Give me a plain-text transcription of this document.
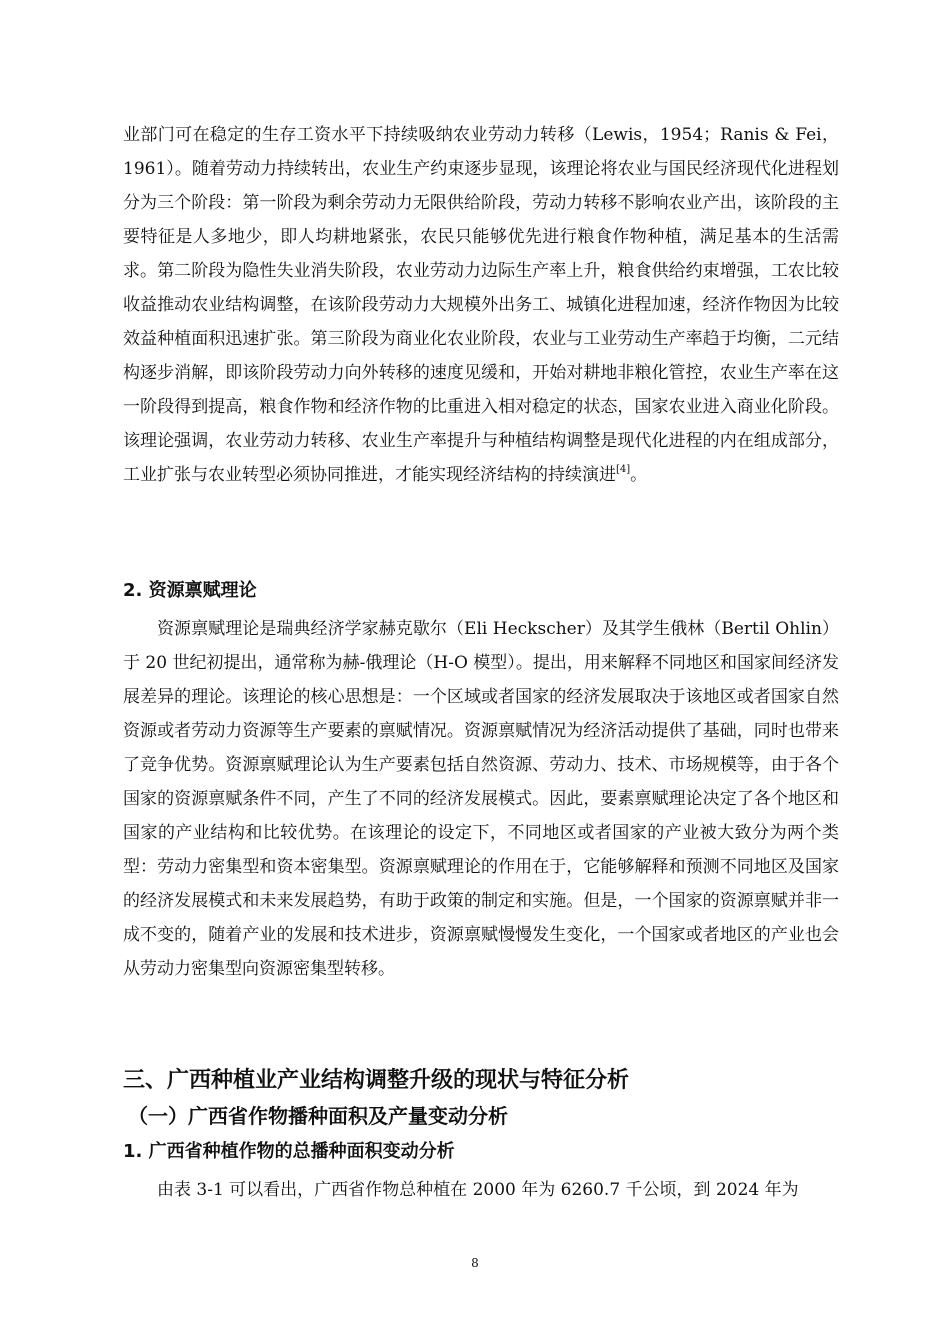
业部门可在稳定的生存工资水平下持续吸纳农业劳动力转移（Lewis，1954；Ranis & Fei，1961）。随着劳动力持续转出，农业生产约束逐步显现，该理论将农业与国民经济现代化进程划分为三个阶段：第一阶段为剩余劳动力无限供给阶段，劳动力转移不影响农业产出，该阶段的主要特征是人多地少，即人均耕地紧张，农民只能够优先进行粮食作物种植，满足基本的生活需求。第二阶段为隐性失业消失阶段，农业劳动力边际生产率上升，粮食供给约束增强，工农比较收益推动农业结构调整，在该阶段劳动力大规模外出务工、城镇化进程加速，经济作物因为比较效益种植面积迅速扩张。第三阶段为商业化农业阶段，农业与工业劳动生产率趋于均衡，二元结构逐步消解，即该阶段劳动力向外转移的速度见缓和，开始对耕地非粮化管控，农业生产率在这一阶段得到提高，粮食作物和经济作物的比重进入相对稳定的状态，国家农业进入商业化阶段。该理论强调，农业劳动力转移、农业生产率提升与种植结构调整是现代化进程的内在组成部分，工业扩张与农业转型必须协同推进，才能实现经济结构的持续演进[4]。

2. 资源禀赋理论

资源禀赋理论是瑞典经济学家赫克歇尔（Eli Heckscher）及其学生俄林（Bertil Ohlin）于 20 世纪初提出，通常称为赫-俄理论（H-O 模型）。提出，用来解释不同地区和国家间经济发展差异的理论。该理论的核心思想是：一个区域或者国家的经济发展取决于该地区或者国家自然资源或者劳动力资源等生产要素的禀赋情况。资源禀赋情况为经济活动提供了基础，同时也带来了竞争优势。资源禀赋理论认为生产要素包括自然资源、劳动力、技术、市场规模等，由于各个国家的资源禀赋条件不同，产生了不同的经济发展模式。因此，要素禀赋理论决定了各个地区和国家的产业结构和比较优势。在该理论的设定下，不同地区或者国家的产业被大致分为两个类型：劳动力密集型和资本密集型。资源禀赋理论的作用在于，它能够解释和预测不同地区及国家的经济发展模式和未来发展趋势，有助于政策的制定和实施。但是，一个国家的资源禀赋并非一成不变的，随着产业的发展和技术进步，资源禀赋慢慢发生变化，一个国家或者地区的产业也会从劳动力密集型向资源密集型转移。

三、广西种植业产业结构调整升级的现状与特征分析
（一）广西省作物播种面积及产量变动分析
1. 广西省种植作物的总播种面积变动分析

由表 3-1 可以看出，广西省作物总种植在 2000 年为 6260.7 千公顷，到 2024 年为

8
